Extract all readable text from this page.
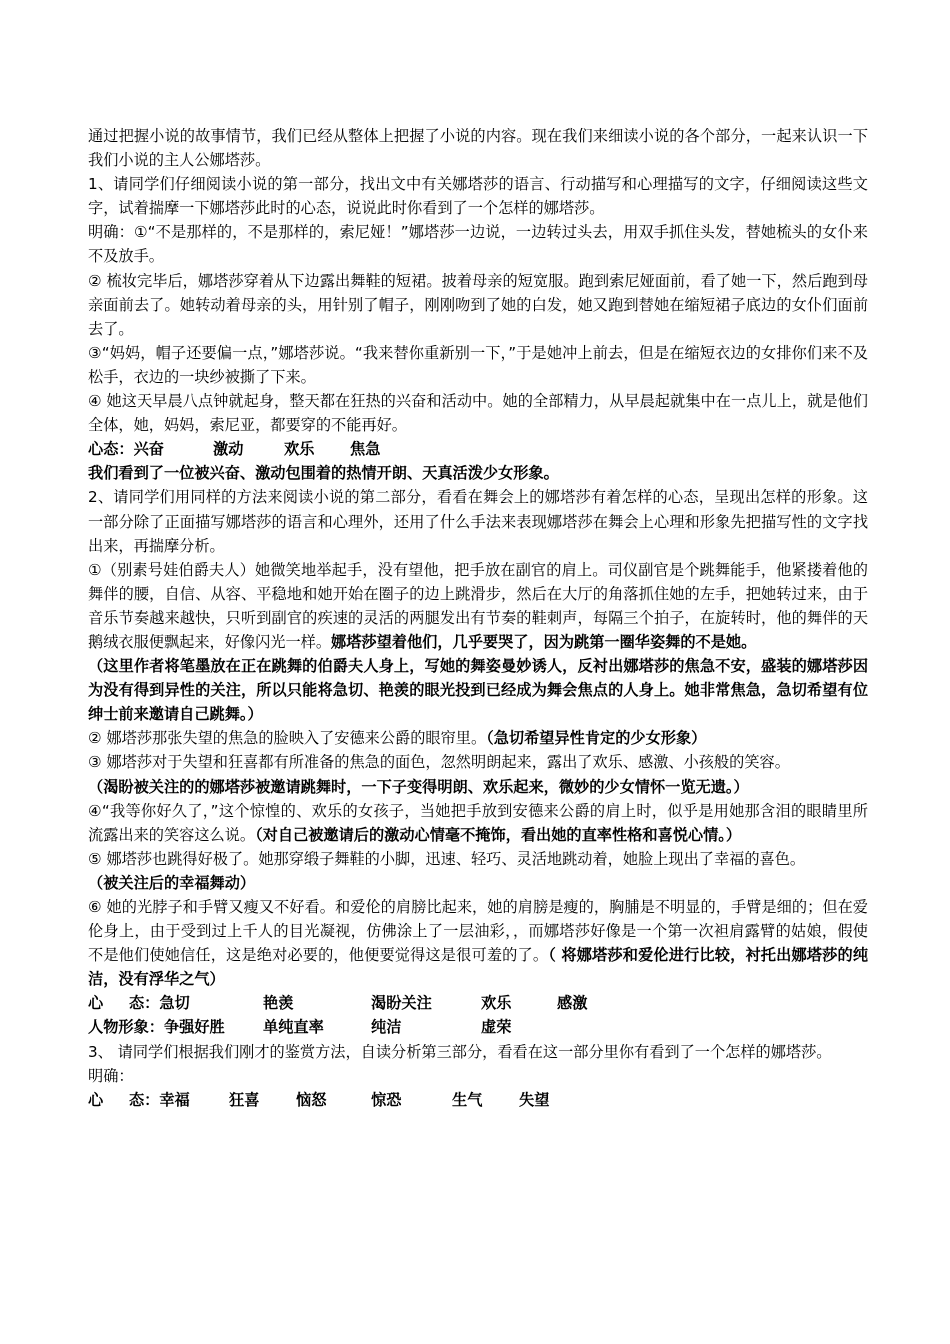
通过把握小说的故事情节，我们已经从整体上把握了小说的内容。现在我们来细读小说的各个部分，一起来认识一下我们小说的主人公娜塔莎。

1、请同学们仔细阅读小说的第一部分，找出文中有关娜塔莎的语言、行动描写和心理描写的文字，仔细阅读这些文字，试着揣摩一下娜塔莎此时的心态，说说此时你看到了一个怎样的娜塔莎。

明确：①“不是那样的，不是那样的，索尼娅！”娜塔莎一边说，一边转过头去，用双手抓住头发，替她梳头的女仆来不及放手。

② 梳妆完毕后，娜塔莎穿着从下边露出舞鞋的短裙。披着母亲的短宽服。跑到索尼娅面前，看了她一下，然后跑到母亲面前去了。她转动着母亲的头，用针别了帽子，刚刚吻到了她的白发，她又跑到替她在缩短裙子底边的女仆们面前去了。

③“妈妈，帽子还要偏一点，”娜塔莎说。“我来替你重新别一下，”于是她冲上前去，但是在缩短衣边的女排你们来不及松手，衣边的一块纱被撕了下来。

④ 她这天早晨八点钟就起身，整天都在狂热的兴奋和活动中。她的全部精力，从早晨起就集中在一点儿上，就是他们全体，她，妈妈，索尼亚，都要穿的不能再好。

心态：兴奋	激动	欢乐	焦急

我们看到了一位被兴奋、激动包围着的热情开朗、天真活泼少女形象。

2、请同学们用同样的方法来阅读小说的第二部分，看看在舞会上的娜塔莎有着怎样的心态，呈现出怎样的形象。这一部分除了正面描写娜塔莎的语言和心理外，还用了什么手法来表现娜塔莎在舞会上心理和形象先把描写性的文字找出来，再揣摩分析。

①（别素号娃伯爵夫人）她微笑地举起手，没有望他，把手放在副官的肩上。司仪副官是个跳舞能手，他紧搂着他的舞伴的腰，自信、从容、平稳地和她开始在圈子的边上跳滑步，然后在大厅的角落抓住她的左手，把她转过来，由于音乐节奏越来越快，只听到副官的疾速的灵活的两腿发出有节奏的鞋刺声，每隔三个拍子，在旋转时，他的舞伴的天鹅绒衣服便飘起来，好像闪光一样。娜塔莎望着他们，几乎要哭了，因为跳第一圈华姿舞的不是她。

（这里作者将笔墨放在正在跳舞的伯爵夫人身上，写她的舞姿曼妙诱人，反衬出娜塔莎的焦急不安，盛装的娜塔莎因为没有得到异性的关注，所以只能将急切、艳羡的眼光投到已经成为舞会焦点的人身上。她非常焦急，急切希望有位绅士前来邀请自己跳舞。）

② 娜塔莎那张失望的焦急的脸映入了安德来公爵的眼帘里。（急切希望异性肯定的少女形象）

③ 娜塔莎对于失望和狂喜都有所准备的焦急的面色，忽然明朗起来，露出了欢乐、感激、小孩般的笑容。

（渴盼被关注的的娜塔莎被邀请跳舞时，一下子变得明朗、欢乐起来，微妙的少女情怀一览无遗。）

④“我等你好久了，”这个惊惶的、欢乐的女孩子，当她把手放到安德来公爵的肩上时，似乎是用她那含泪的眼睛里所流露出来的笑容这么说。（对自己被邀请后的激动心情毫不掩饰，看出她的直率性格和喜悦心情。）

⑤ 娜塔莎也跳得好极了。她那穿缎子舞鞋的小脚，迅速、轻巧、灵活地跳动着，她脸上现出了幸福的喜色。

（被关注后的幸福舞动）

⑥ 她的光脖子和手臂又瘦又不好看。和爱伦的肩膀比起来，她的肩膀是瘦的，胸脯是不明显的，手臂是细的；但在爱伦身上，由于受到过上千人的目光凝视，仿佛涂上了一层油彩，，而娜塔莎好像是一个第一次袒肩露臂的姑娘，假使不是他们使她信任，这是绝对必要的，他便要觉得这是很可羞的了。（ 将娜塔莎和爱伦进行比较，衬托出娜塔莎的纯洁，没有浮华之气）

心　  态：急切	艳羡	渴盼关注	欢乐	感激
人物形象：争强好胜	单纯直率	纯洁	虚荣

3、 请同学们根据我们刚才的鉴赏方法，自读分析第三部分，看看在这一部分里你有看到了一个怎样的娜塔莎。

明确：

心　  态：幸福	狂喜	恼怒	惊恐	生气	失望
